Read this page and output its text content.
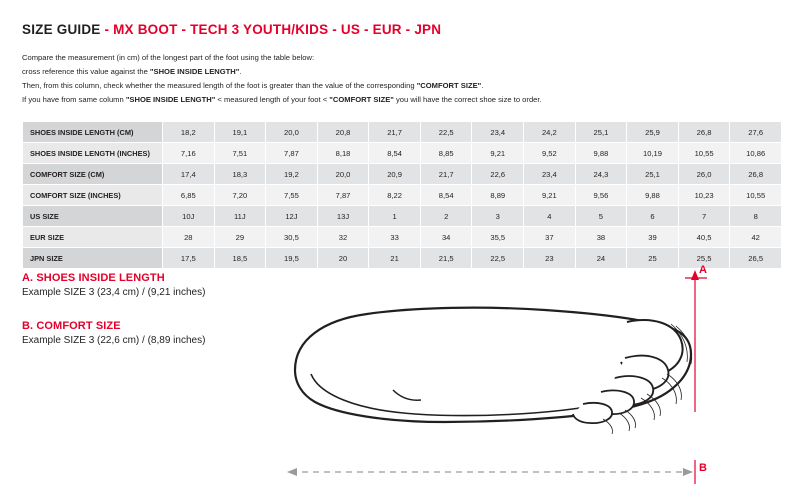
SIZE GUIDE - MX BOOT - TECH 3 YOUTH/KIDS - US - EUR - JPN
Compare the measurement (in cm) of the longest part of the foot using the table below:
cross reference this value against the "SHOE INSIDE LENGTH".
Then, from this column, check whether the measured length of the foot is greater than the value of the corresponding "COMFORT SIZE".
If you have from same column "SHOE INSIDE LENGTH" < measured length of your foot < "COMFORT SIZE" you will have the correct shoe size to order.
SHOES INSIDE LENGTH (CM)	18,2	19,1	20,0	20,8	21,7	22,5	23,4	24,2	25,1	25,9	26,8	27,6
SHOES INSIDE LENGTH (INCHES)	7,16	7,51	7,87	8,18	8,54	8,85	9,21	9,52	9,88	10,19	10,55	10,86
COMFORT SIZE (CM)	17,4	18,3	19,2	20,0	20,9	21,7	22,6	23,4	24,3	25,1	26,0	26,8
COMFORT SIZE (INCHES)	6,85	7,20	7,55	7,87	8,22	8,54	8,89	9,21	9,56	9,88	10,23	10,55
US SIZE	10J	11J	12J	13J	1	2	3	4	5	6	7	8
EUR SIZE	28	29	30,5	32	33	34	35,5	37	38	39	40,5	42
JPN SIZE	17,5	18,5	19,5	20	21	21,5	22,5	23	24	25	25,5	26,5
A. SHOES INSIDE LENGTH

Example SIZE 3 (23,4 cm) / (9,21 inches)

B. COMFORT SIZE

Example SIZE 3 (22,6 cm) / (8,89 inches)

A
B
